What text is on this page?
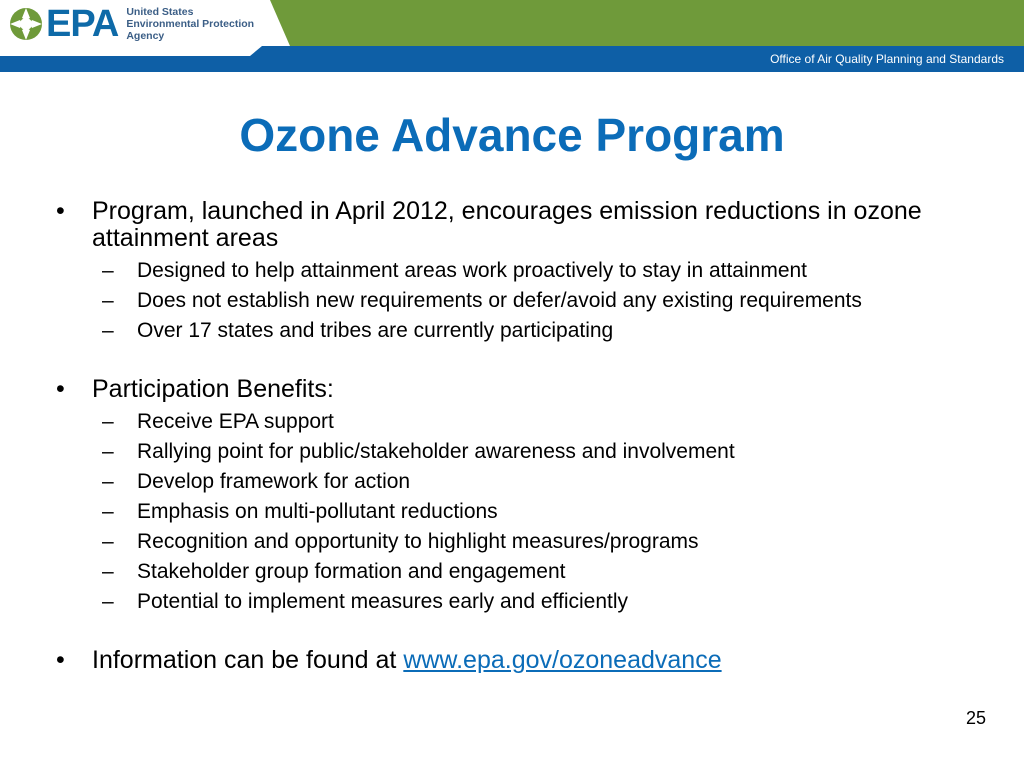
EPA United States
Environmental Protection
Agency
Office of Air Quality Planning and Standards
Ozone Advance Program
• Program, launched in April 2012, encourages emission reductions in ozone attainment areas
– Designed to help attainment areas work proactively to stay in attainment
– Does not establish new requirements or defer/avoid any existing requirements
– Over 17 states and tribes are currently participating
• Participation Benefits:
– Receive EPA support
– Rallying point for public/stakeholder awareness and involvement
– Develop framework for action
– Emphasis on multi-pollutant reductions
– Recognition and opportunity to highlight measures/programs
– Stakeholder group formation and engagement
– Potential to implement measures early and efficiently
• Information can be found at www.epa.gov/ozoneadvance
25
